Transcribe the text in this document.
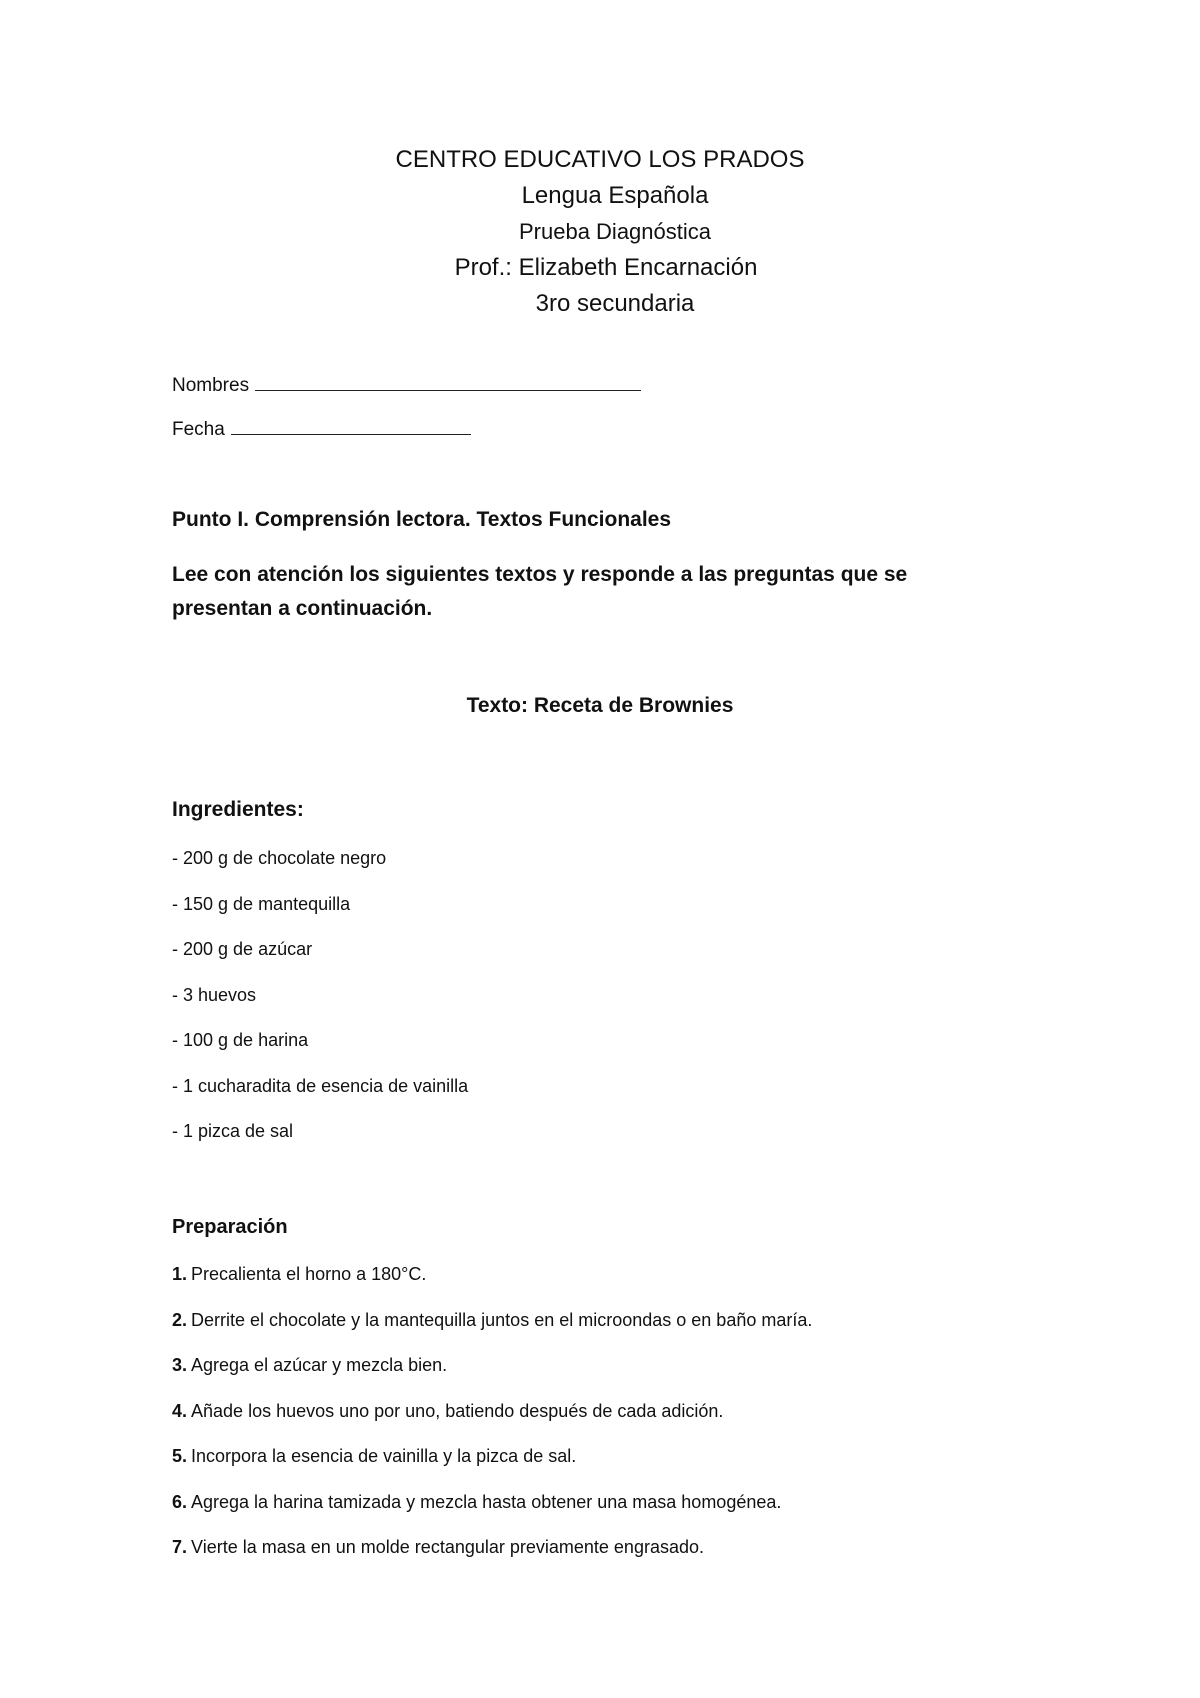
CENTRO EDUCATIVO LOS PRADOS
Lengua Española
Prueba Diagnóstica
Prof.: Elizabeth Encarnación
3ro secundaria
Nombres
Fecha
Punto I. Comprensión lectora. Textos Funcionales
Lee con atención los siguientes textos y responde a las preguntas que se presentan a continuación.
Texto: Receta de Brownies
Ingredientes:
- 200 g de chocolate negro
- 150 g de mantequilla
- 200 g de azúcar
- 3 huevos
- 100 g de harina
- 1 cucharadita de esencia de vainilla
- 1 pizca de sal
Preparación
1. Precalienta el horno a 180°C.
2. Derrite el chocolate y la mantequilla juntos en el microondas o en baño maría.
3. Agrega el azúcar y mezcla bien.
4. Añade los huevos uno por uno, batiendo después de cada adición.
5. Incorpora la esencia de vainilla y la pizca de sal.
6. Agrega la harina tamizada y mezcla hasta obtener una masa homogénea.
7. Vierte la masa en un molde rectangular previamente engrasado.
